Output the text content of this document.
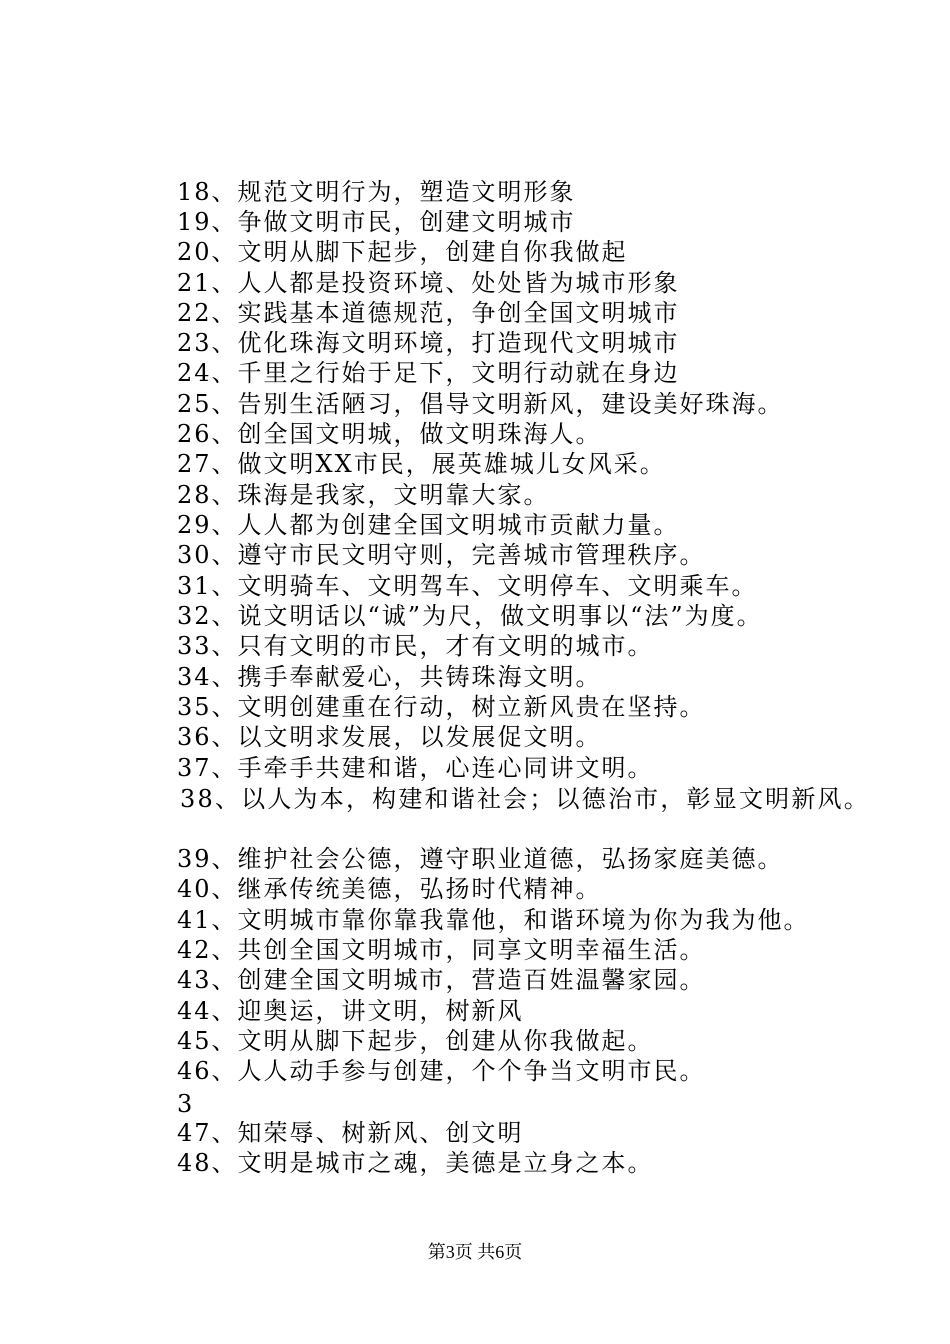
18、规范文明行为，塑造文明形象
19、争做文明市民，创建文明城市
20、文明从脚下起步，创建自你我做起
21、人人都是投资环境、处处皆为城市形象
22、实践基本道德规范，争创全国文明城市
23、优化珠海文明环境，打造现代文明城市
24、千里之行始于足下，文明行动就在身边
25、告别生活陋习，倡导文明新风，建设美好珠海。
26、创全国文明城，做文明珠海人。
27、做文明XX市民，展英雄城儿女风采。
28、珠海是我家，文明靠大家。
29、人人都为创建全国文明城市贡献力量。
30、遵守市民文明守则，完善城市管理秩序。
31、文明骑车、文明驾车、文明停车、文明乘车。
32、说文明话以“诚”为尺，做文明事以“法”为度。
33、只有文明的市民，才有文明的城市。
34、携手奉献爱心，共铸珠海文明。
35、文明创建重在行动，树立新风贵在坚持。
36、以文明求发展，以发展促文明。
37、手牵手共建和谐，心连心同讲文明。
38、以人为本，构建和谐社会；以德治市，彰显文明新风。
39、维护社会公德，遵守职业道德，弘扬家庭美德。
40、继承传统美德，弘扬时代精神。
41、文明城市靠你靠我靠他，和谐环境为你为我为他。
42、共创全国文明城市，同享文明幸福生活。
43、创建全国文明城市，营造百姓温馨家园。
44、迎奥运，讲文明，树新风
45、文明从脚下起步，创建从你我做起。
46、人人动手参与创建，个个争当文明市民。
3
47、知荣辱、树新风、创文明
48、文明是城市之魂，美德是立身之本。
第3页 共6页
